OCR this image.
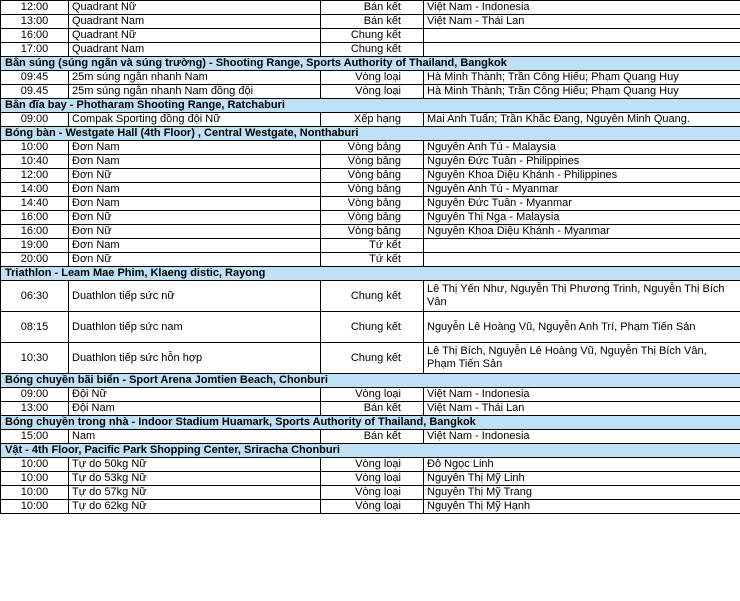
12:00	Quadrant Nữ	Bán kết	Việt Nam - Indonesia
13:00	Quadrant Nam	Bán kết	Việt Nam - Thái Lan
16:00	Quadrant Nữ	Chung kết	
17:00	Quadrant Nam	Chung kết	
Bắn súng (súng ngắn và súng trường) - Shooting Range, Sports Authority of Thailand, Bangkok			
09:45	25m súng ngắn nhanh Nam	Vòng loại	Hà Minh Thành; Trần Công Hiếu; Phạm Quang Huy
09.45	25m súng ngắn nhanh Nam đồng đội	Vòng loại	Hà Minh Thành; Trần Công Hiếu; Phạm Quang Huy
Bắn đĩa bay - Photharam Shooting Range, Ratchaburi			
09:00	Compak Sporting đồng đội Nữ	Xếp hạng	Mai Anh Tuấn; Trần Khắc Đang, Nguyễn Minh Quang.
Bóng bàn - Westgate Hall (4th Floor) , Central Westgate, Nonthaburi			
10:00	Đơn Nam	Vòng bảng	Nguyễn Anh Tú - Malaysia
10:40	Đơn Nam	Vòng bảng	Nguyễn Đức Tuân - Philippines
12:00	Đơn Nữ	Vòng bảng	Nguyễn Khoa Diệu Khánh - Philippines
14:00	Đơn Nam	Vòng bảng	Nguyễn Anh Tú - Myanmar
14:40	Đơn Nam	Vòng bảng	Nguyễn Đức Tuân - Myanmar
16:00	Đơn Nữ	Vòng bảng	Nguyễn Thị Nga - Malaysia
16:00	Đơn Nữ	Vòng bảng	Nguyễn Khoa Diệu Khánh - Myanmar
19:00	Đơn Nam	Tứ kết	
20:00	Đơn Nữ	Tứ kết	
Triathlon - Leam Mae Phim, Klaeng distic, Rayong			
06:30	Duathlon tiếp sức nữ	Chung kết	Lê Thị Yến Như, Nguyễn Thị Phương Trinh, Nguyễn Thị Bích Vân
08:15	Duathlon tiếp sức nam	Chung kết	Nguyễn Lê Hoàng Vũ, Nguyễn Anh Trí, Phạm Tiến Sản
10:30	Duathlon tiếp sức hỗn hợp	Chung kết	Lê Thị Bích, Nguyễn Lê Hoàng Vũ, Nguyễn Thị Bích Vân, Phạm Tiến Sản
Bóng chuyền bãi biển - Sport Arena Jomtien Beach, Chonburi			
09:00	Đội Nữ	Vòng loại	Việt Nam - Indonesia
13:00	Đội Nam	Bán kết	Việt Nam - Thái Lan
Bóng chuyền trong nhà - Indoor Stadium Huamark, Sports Authority of Thailand, Bangkok			
15:00	Nam	Bán kết	Việt Nam - Indonesia
Vật - 4th Floor, Pacific Park Shopping Center, Sriracha Chonburi			
10:00	Tự do 50kg Nữ	Vòng loại	Đỗ Ngọc Linh
10:00	Tự do 53kg Nữ	Vòng loại	Nguyễn Thị Mỹ Linh
10:00	Tự do 57kg Nữ	Vòng loại	Nguyễn Thị Mỹ Trang
10:00	Tự do 62kg Nữ	Vòng loại	Nguyễn Thị Mỹ Hạnh
